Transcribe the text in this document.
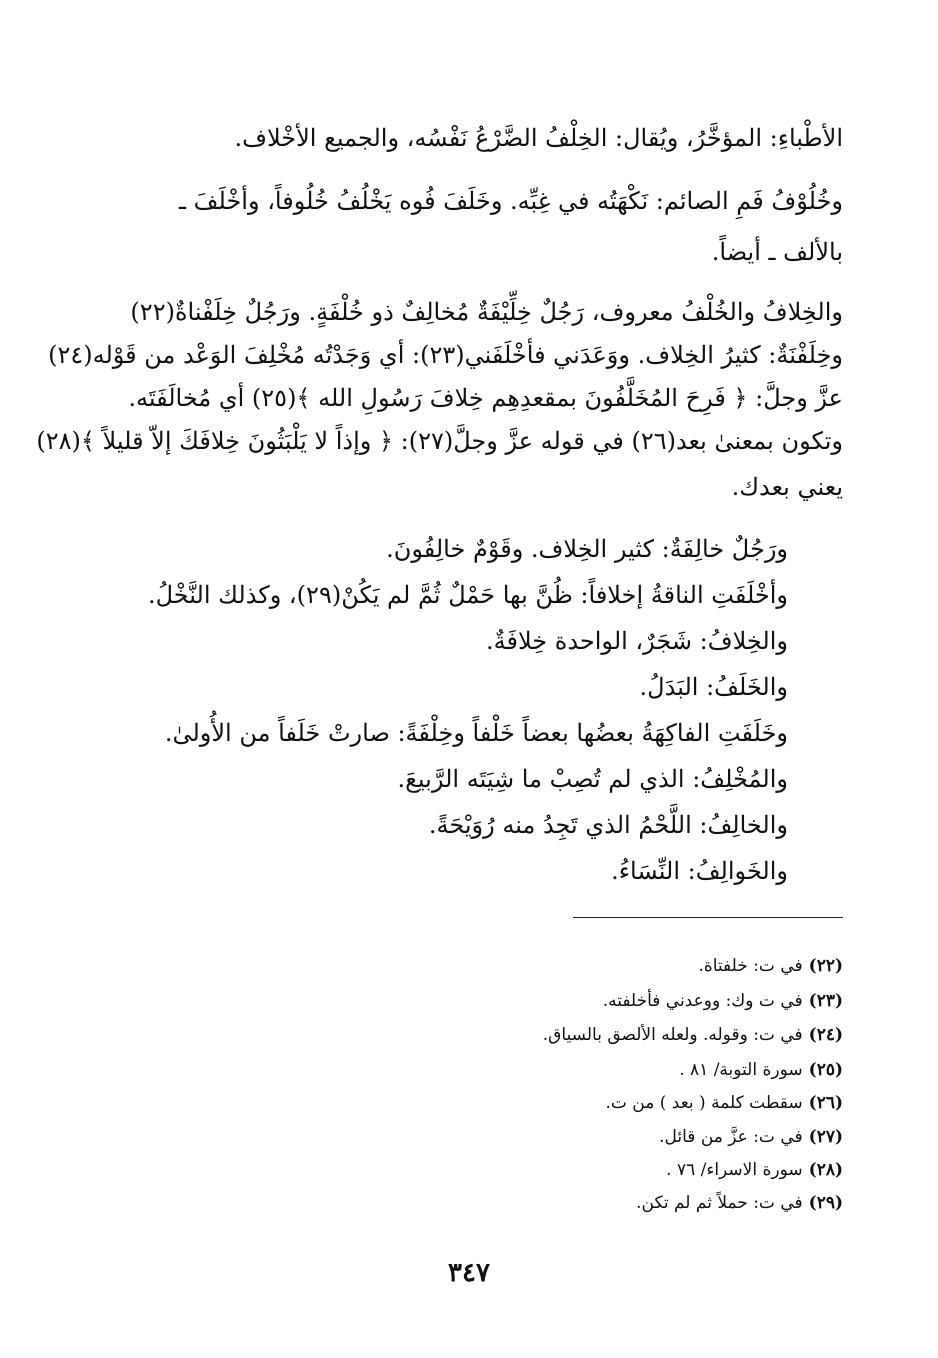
الأطْباءِ: المؤخَّرُ، ويُقال: الخِلْفُ الضَّرْعُ نَفْسُه، والجميع الأخْلاف.

وخُلُوْفُ فَمِ الصائم: نَكْهَتُه في غِبِّه. وخَلَفَ فُوه يَخْلُفُ خُلُوفاً، وأخْلَفَ ـ

بالألف ـ أيضاً.

والخِلافُ والخُلْفُ معروف، رَجُلٌ خِلِّيْفَةٌ مُخالِفٌ ذو خُلْفَةٍ. ورَجُلٌ خِلَفْناةٌ(٢٢)

وخِلَفْنَةٌ: كثيرُ الخِلاف. ووَعَدَني فأخْلَفَني(٢٣): أي وَجَدْتُه مُخْلِفَ الوَعْد من قَوْله(٢٤)

عزَّ وجلَّ: ﴿ فَرِحَ المُخَلَّفُونَ بمقعدِهِم خِلافَ رَسُولِ الله ﴾(٢٥) أي مُخالَفَتَه.

وتكون بمعنىٰ بعد(٢٦) في قوله عزَّ وجلَّ(٢٧): ﴿ وإذاً لا يَلْبَثُونَ خِلافَكَ إلاّ قليلاً ﴾(٢٨)

يعني بعدك.

ورَجُلٌ خالِفَةٌ: كثير الخِلاف. وقَوْمٌ خالِفُونَ.

وأخْلَفَتِ الناقةُ إخلافاً: ظُنَّ بها حَمْلٌ ثُمَّ لم يَكُنْ(٢٩)، وكذلك النَّخْلُ.

والخِلافُ: شَجَرٌ، الواحدة خِلافَةٌ.

والخَلَفُ: البَدَلُ.

وخَلَفَتِ الفاكِهَةُ بعضُها بعضاً خَلْفاً وخِلْفَةً: صارتْ خَلَفاً من الأُولىٰ.

والمُخْلِفُ: الذي لم تُصِبْ ما شِيَتَه الرَّبيعَ.

والخالِفُ: اللَّحْمُ الذي تَجِدُ منه رُوَيْحَةً.

والخَوالِفُ: النِّسَاءُ.

(٢٢)في ت: خلفتاة.
(٢٣)في ت وك: ووعدني فأخلفته.
(٢٤)في ت: وقوله. ولعله الألصق بالسياق.
(٢٥)سورة التوبة/ ٨١ .
(٢٦)سقطت كلمة ( بعد ) من ت.
(٢٧)في ت: عزَّ من قائل.
(٢٨)سورة الاسراء/ ٧٦ .
(٢٩)في ت: حملاً ثم لم تكن.
٣٤٧
